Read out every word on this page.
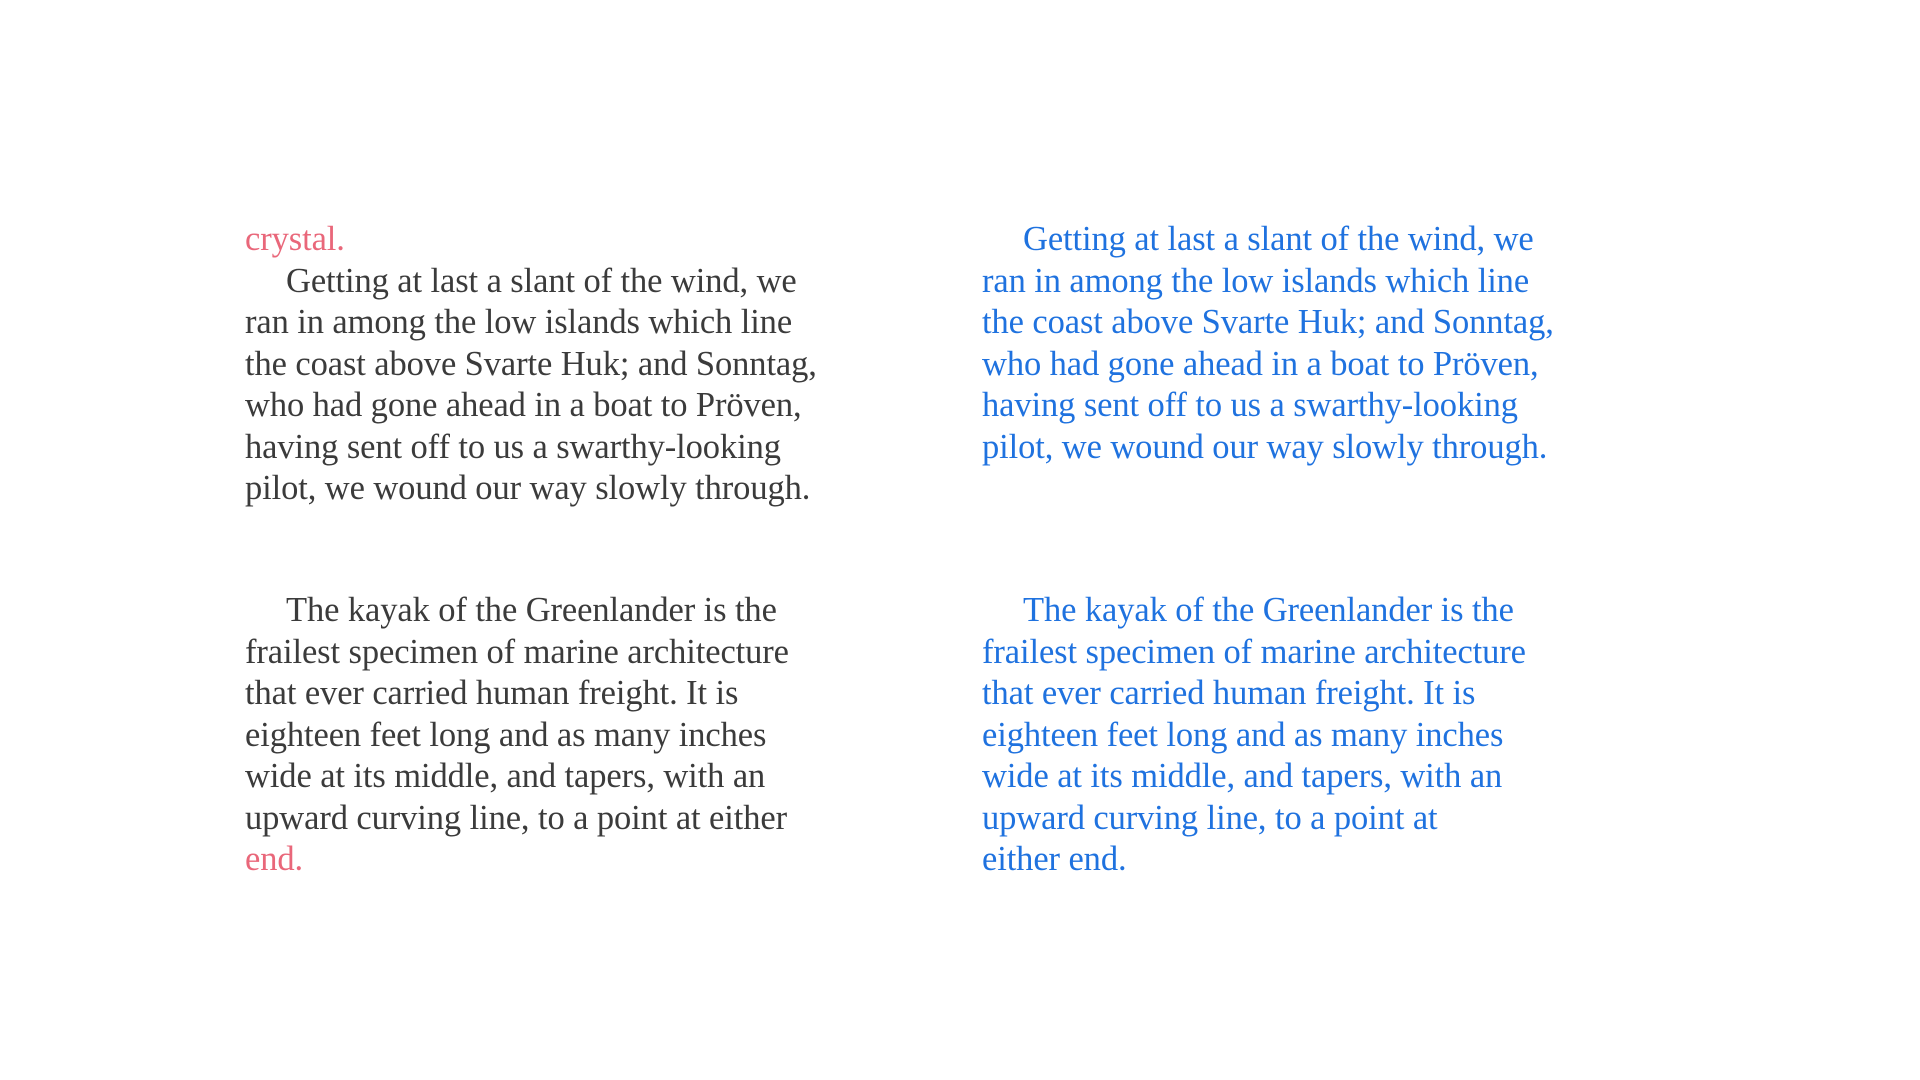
crystal.
Getting at last a slant of the wind, we
ran in among the low islands which line
the coast above Svarte Huk; and Sonntag,
who had gone ahead in a boat to Pröven,
having sent off to us a swarthy-looking
pilot, we wound our way slowly through.
The kayak of the Greenlander is the
frailest specimen of marine architecture
that ever carried human freight. It is
eighteen feet long and as many inches
wide at its middle, and tapers, with an
upward curving line, to a point at either
end.
Getting at last a slant of the wind, we
ran in among the low islands which line
the coast above Svarte Huk; and Sonntag,
who had gone ahead in a boat to Pröven,
having sent off to us a swarthy-looking
pilot, we wound our way slowly through.
The kayak of the Greenlander is the
frailest specimen of marine architecture
that ever carried human freight. It is
eighteen feet long and as many inches
wide at its middle, and tapers, with an
upward curving line, to a point at
either end.
